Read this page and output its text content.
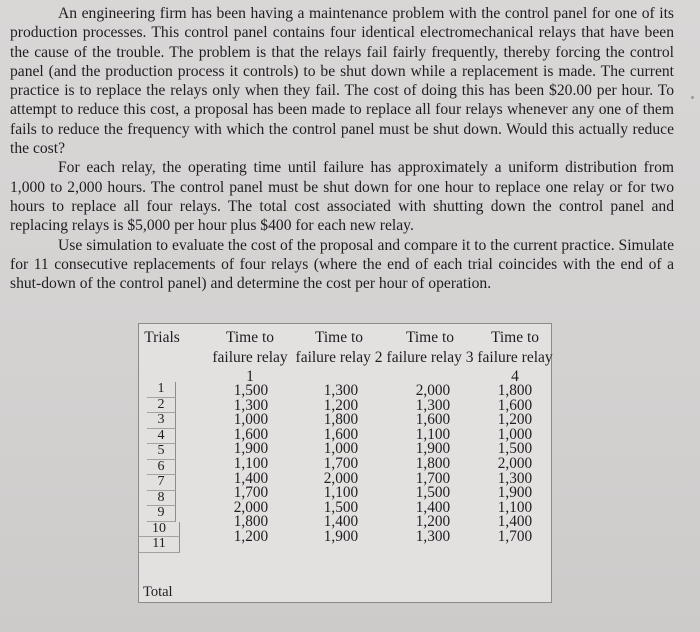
An engineering firm has been having a maintenance problem with the control panel for one of its production processes. This control panel contains four identical electromechanical relays that have been the cause of the trouble. The problem is that the relays fail fairly frequently, thereby forcing the control panel (and the production process it controls) to be shut down while a replacement is made. The current practice is to replace the relays only when they fail. The cost of doing this has been $20.00 per hour. To attempt to reduce this cost, a proposal has been made to replace all four relays whenever any one of them fails to reduce the frequency with which the control panel must be shut down. Would this actually reduce the cost?

For each relay, the operating time until failure has approximately a uniform distribution from 1,000 to 2,000 hours. The control panel must be shut down for one hour to replace one relay or for two hours to replace all four relays. The total cost associated with shutting down the control panel and replacing relays is $5,000 per hour plus $400 for each new relay.

Use simulation to evaluate the cost of the proposal and compare it to the current practice. Simulate for 11 consecutive replacements of four relays (where the end of each trial coincides with the end of a shut-down of the control panel) and determine the cost per hour of operation.

Trials	Time to failure relay 1
Time to failure relay 2
Time to failure relay 3
Time to failure relay 4
1
2
3
4
5
6
7
8
9
10
11
Total
1,500
1,300
1,000
1,600
1,900
1,100
1,400
1,700
2,000
1,800
1,200
1,300
1,200
1,800
1,600
1,000
1,700
2,000
1,100
1,500
1,400
1,900
2,000
1,300
1,600
1,100
1,900
1,800
1,700
1,500
1,400
1,200
1,300
1,800
1,600
1,200
1,000
1,500
2,000
1,300
1,900
1,100
1,400
1,700
